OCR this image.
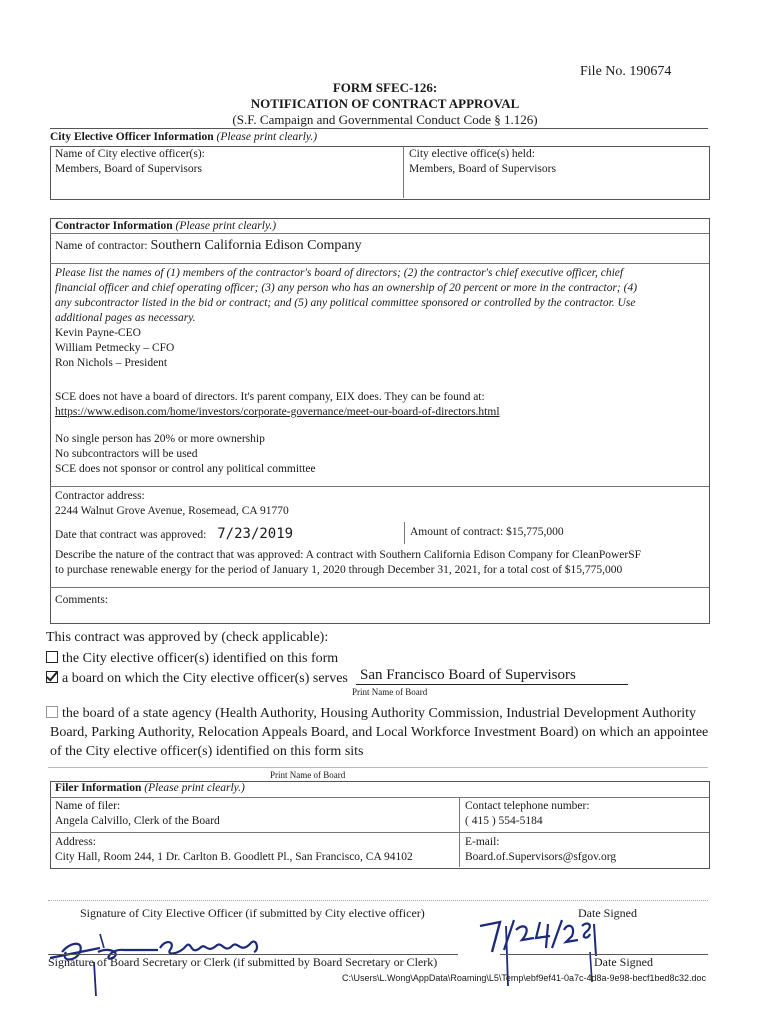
File No. 190674
FORM SFEC-126:
NOTIFICATION OF CONTRACT APPROVAL
(S.F. Campaign and Governmental Conduct Code § 1.126)
City Elective Officer Information (Please print clearly.)
Name of City elective officer(s):
Members, Board of Supervisors
City elective office(s) held:
Members, Board of Supervisors
Contractor Information (Please print clearly.)
Name of contractor: Southern California Edison Company
Please list the names of (1) members of the contractor's board of directors; (2) the contractor's chief executive officer, chief
financial officer and chief operating officer; (3) any person who has an ownership of 20 percent or more in the contractor; (4)
any subcontractor listed in the bid or contract; and (5) any political committee sponsored or controlled by the contractor. Use
additional pages as necessary.
Kevin Payne-CEO
William Petmecky – CFO
Ron Nichols – President
SCE does not have a board of directors. It's parent company, EIX does. They can be found at:
https://www.edison.com/home/investors/corporate-governance/meet-our-board-of-directors.html
No single person has 20% or more ownership
No subcontractors will be used
SCE does not sponsor or control any political committee
Contractor address:
2244 Walnut Grove Avenue, Rosemead, CA 91770
Date that contract was approved: 7/23/2019	Amount of contract: $15,775,000
Describe the nature of the contract that was approved: A contract with Southern California Edison Company for CleanPowerSF
to purchase renewable energy for the period of January 1, 2020 through December 31, 2021, for a total cost of $15,775,000
Comments:
This contract was approved by (check applicable):
the City elective officer(s) identified on this form
a board on which the City elective officer(s) serves San Francisco Board of Supervisors
Print Name of Board
the board of a state agency (Health Authority, Housing Authority Commission, Industrial Development Authority
Board, Parking Authority, Relocation Appeals Board, and Local Workforce Investment Board) on which an appointee
of the City elective officer(s) identified on this form sits
Print Name of Board
Filer Information (Please print clearly.)
Name of filer:
Angela Calvillo, Clerk of the Board
Contact telephone number:
( 415 ) 554-5184
Address:
City Hall, Room 244, 1 Dr. Carlton B. Goodlett Pl., San Francisco, CA 94102
E-mail:
Board.of.Supervisors@sfgov.org
Signature of City Elective Officer (if submitted by City elective officer)	Date Signed
Signature of Board Secretary or Clerk (if submitted by Board Secretary or Clerk)	Date Signed
C:\Users\L.Wong\AppData\Roaming\L5\Temp\ebf9ef41-0a7c-4d8a-9e98-becf1bed8c32.doc
